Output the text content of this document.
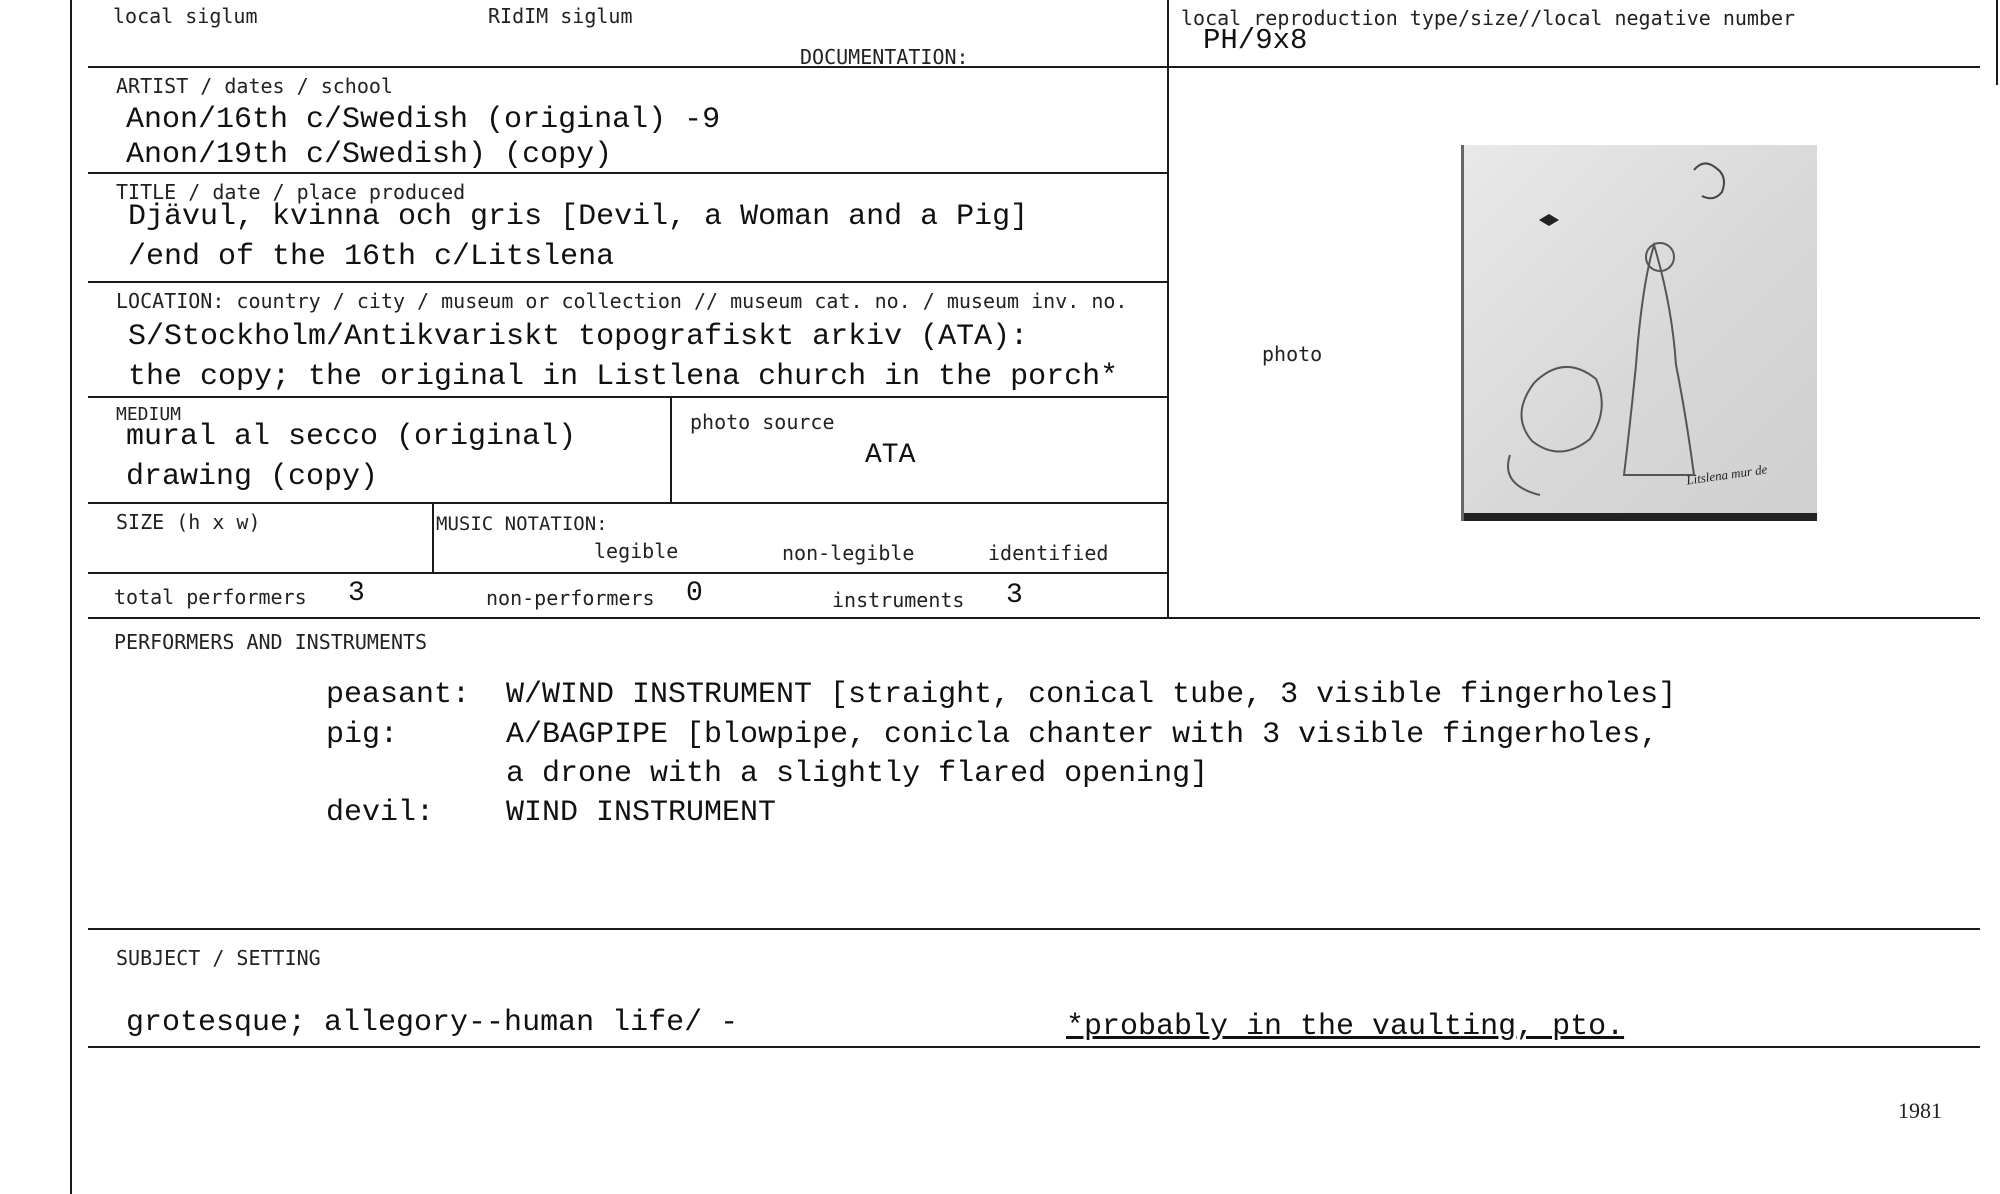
local siglum	RIdIM siglum
DOCUMENTATION:
local reproduction type/size//local negative number
PH/9x8
ARTIST / dates / school
Anon/16th c/Swedish (original) -9
Anon/19th c/Swedish) (copy)
TITLE / date / place produced
Djävul, kvinna och gris [Devil, a Woman and a Pig]
/end of the 16th c/Litslena
LOCATION: country / city / museum or collection // museum cat. no. / museum inv. no.
S/Stockholm/Antikvariskt topografiskt arkiv (ATA):
the copy; the original in Listlena church in the porch*
MEDIUM
mural al secco (original)
drawing (copy)
photo source
ATA
photo
Litslena mur de
SIZE (h x w)	MUSIC NOTATION:
legible	non-legible	identified
total performers 3	non-performers 0	instruments 3
PERFORMERS AND INSTRUMENTS
peasant: W/WIND INSTRUMENT [straight, conical tube, 3 visible fingerholes]
pig:	A/BAGPIPE [blowpipe, conicla chanter with 3 visible fingerholes,
a drone with a slightly flared opening]
devil: WIND INSTRUMENT
SUBJECT / SETTING
grotesque; allegory--human life/ -	*probably in the vaulting, pto.
1981
